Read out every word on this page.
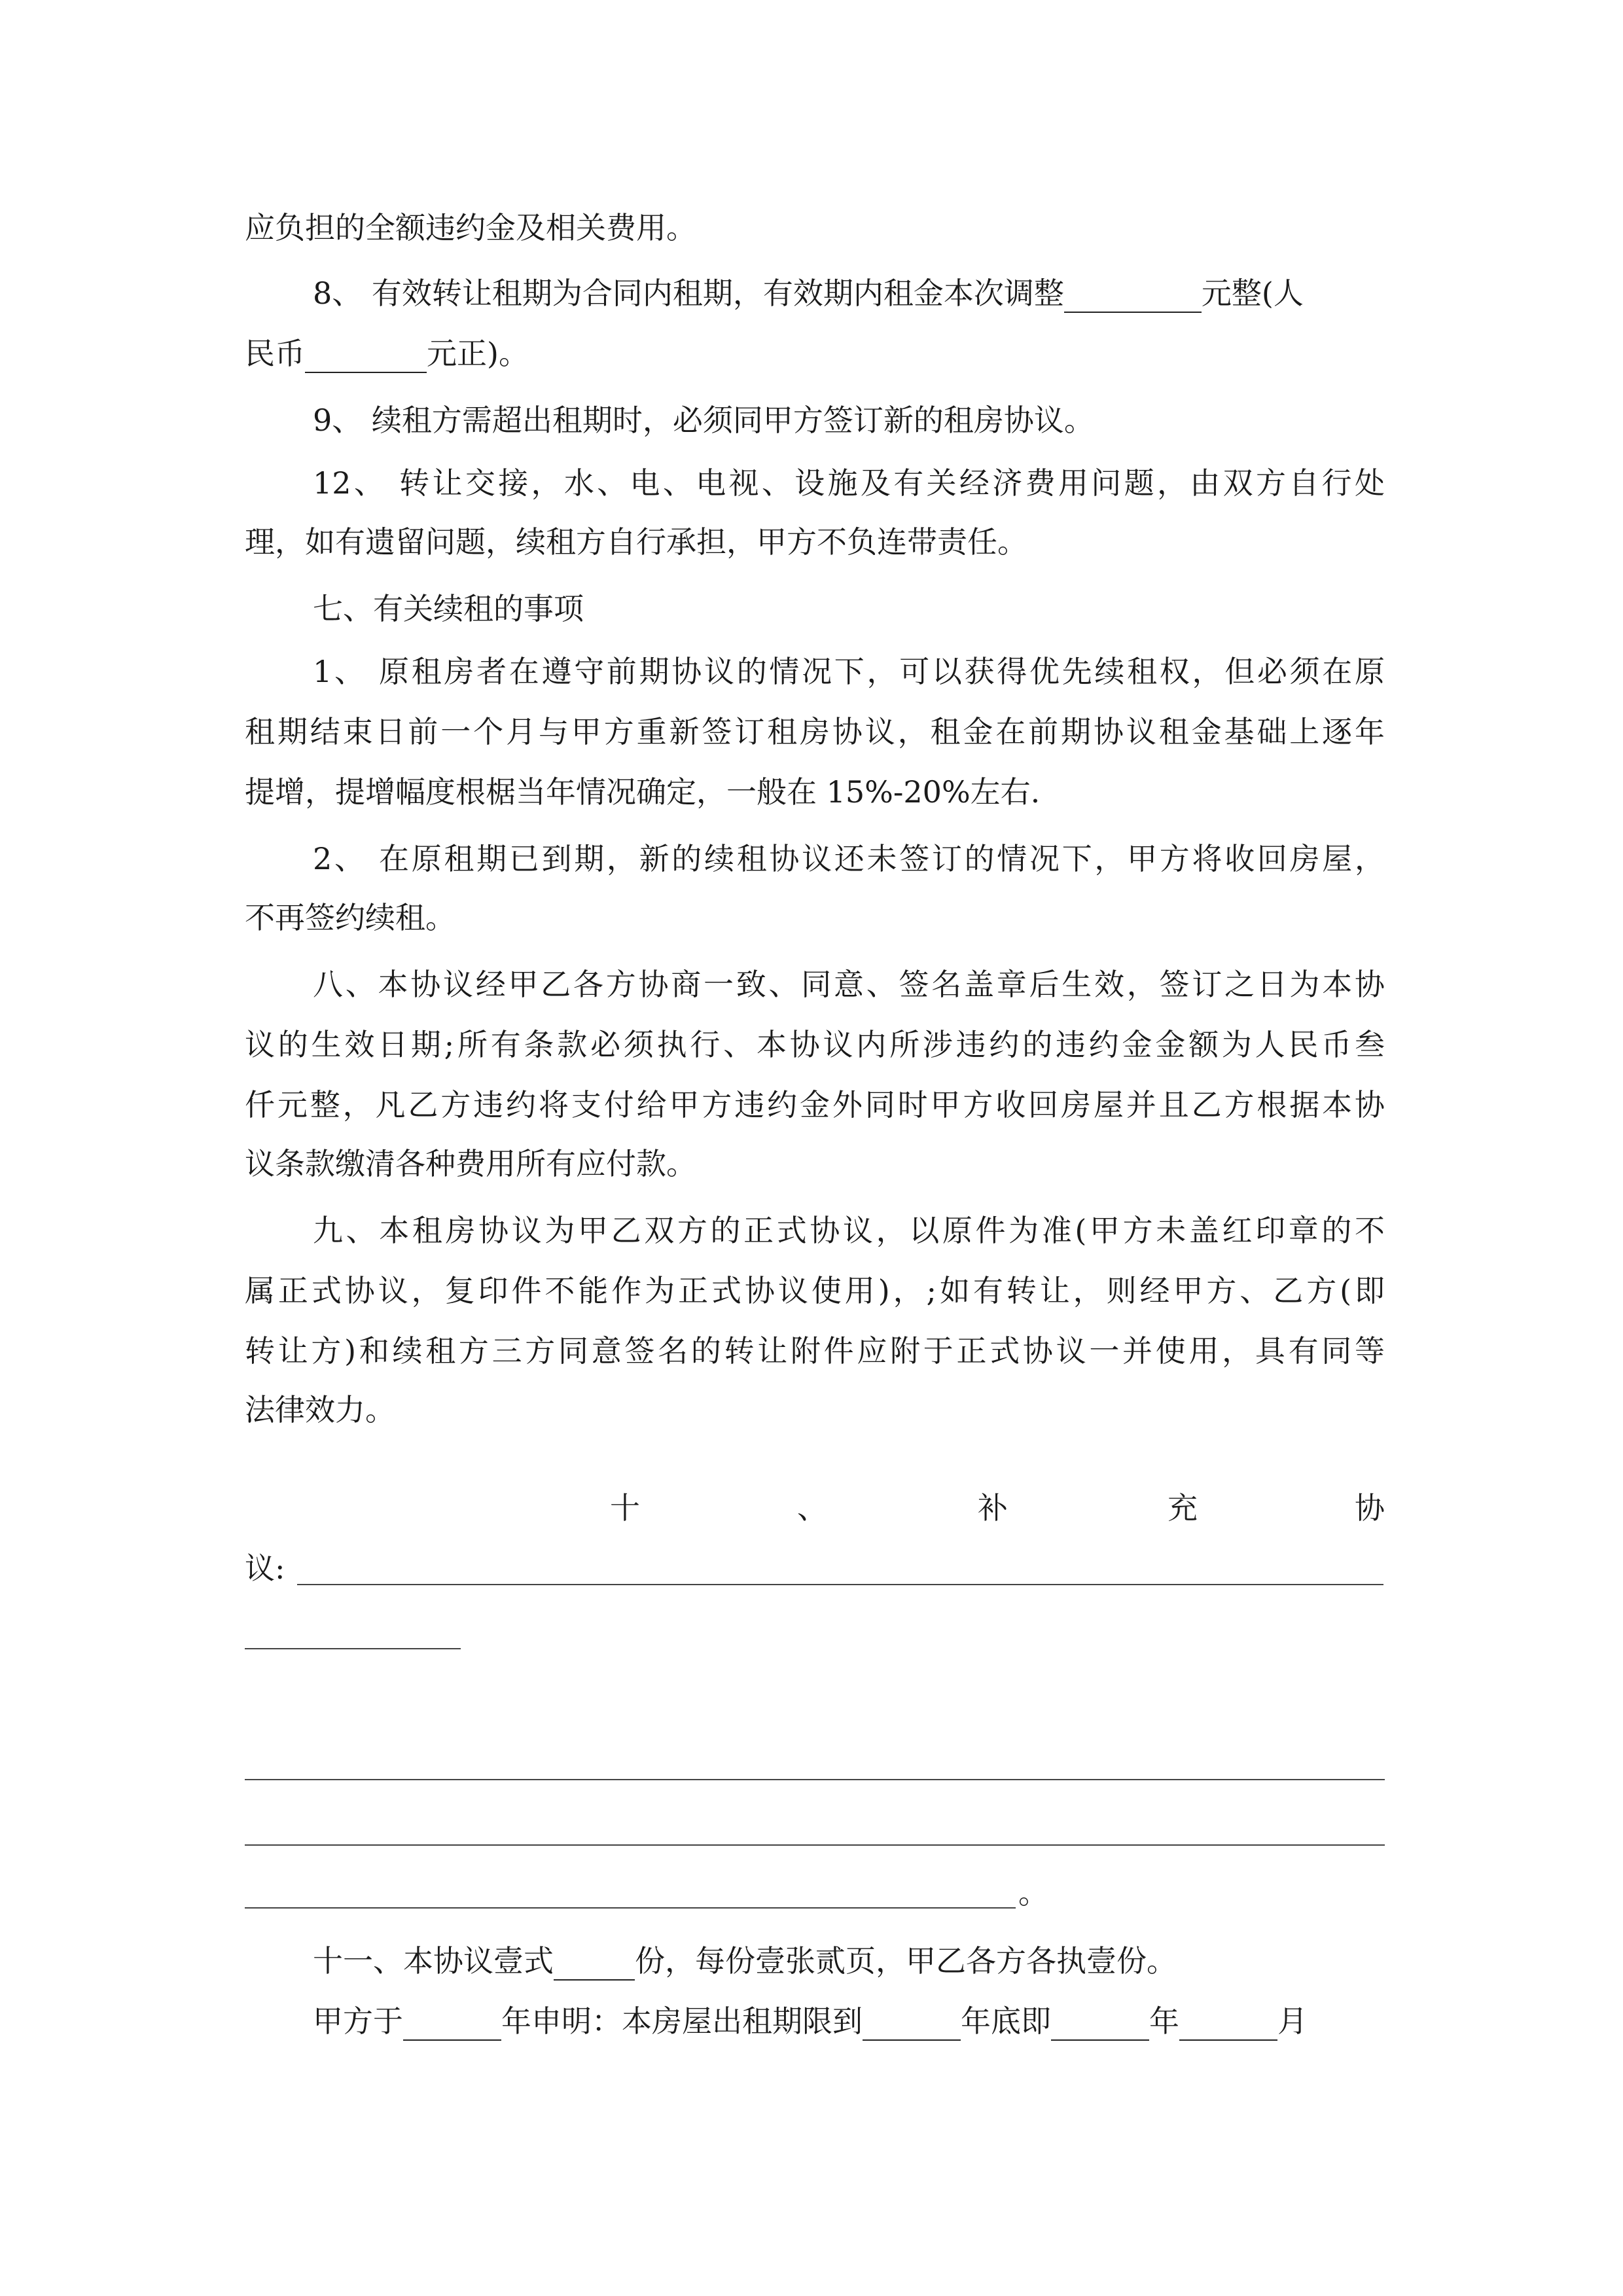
应负担的全额违约金及相关费用。
8、 有效转让租期为合同内租期，有效期内租金本次调整	元整(人
民币	元正)。
9、 续租方需超出租期时，必须同甲方签订新的租房协议。
12、 转让交接，水、电、电视、设施及有关经济费用问题，由双方自行处
理，如有遗留问题，续租方自行承担，甲方不负连带责任。
七、有关续租的事项
1、 原租房者在遵守前期协议的情况下，可以获得优先续租权，但必须在原
租期结束日前一个月与甲方重新签订租房协议，租金在前期协议租金基础上逐年
提增，提增幅度根椐当年情况确定，一般在 15%-20%左右.
2、 在原租期已到期，新的续租协议还未签订的情况下，甲方将收回房屋，
不再签约续租。
八、本协议经甲乙各方协商一致、同意、签名盖章后生效，签订之日为本协
议的生效日期;所有条款必须执行、本协议内所涉违约的违约金金额为人民币叁
仟元整，凡乙方违约将支付给甲方违约金外同时甲方收回房屋并且乙方根据本协
议条款缴清各种费用所有应付款。
九、本租房协议为甲乙双方的正式协议，以原件为准(甲方未盖红印章的不
属正式协议，复印件不能作为正式协议使用)，;如有转让，则经甲方、乙方(即
转让方)和续租方三方同意签名的转让附件应附于正式协议一并使用，具有同等
法律效力。
十	、	补	充	协
议:
。
十一、本协议壹式	份，每份壹张贰页，甲乙各方各执壹份。
甲方于	年申明：本房屋出租期限到	年底即	年	月
